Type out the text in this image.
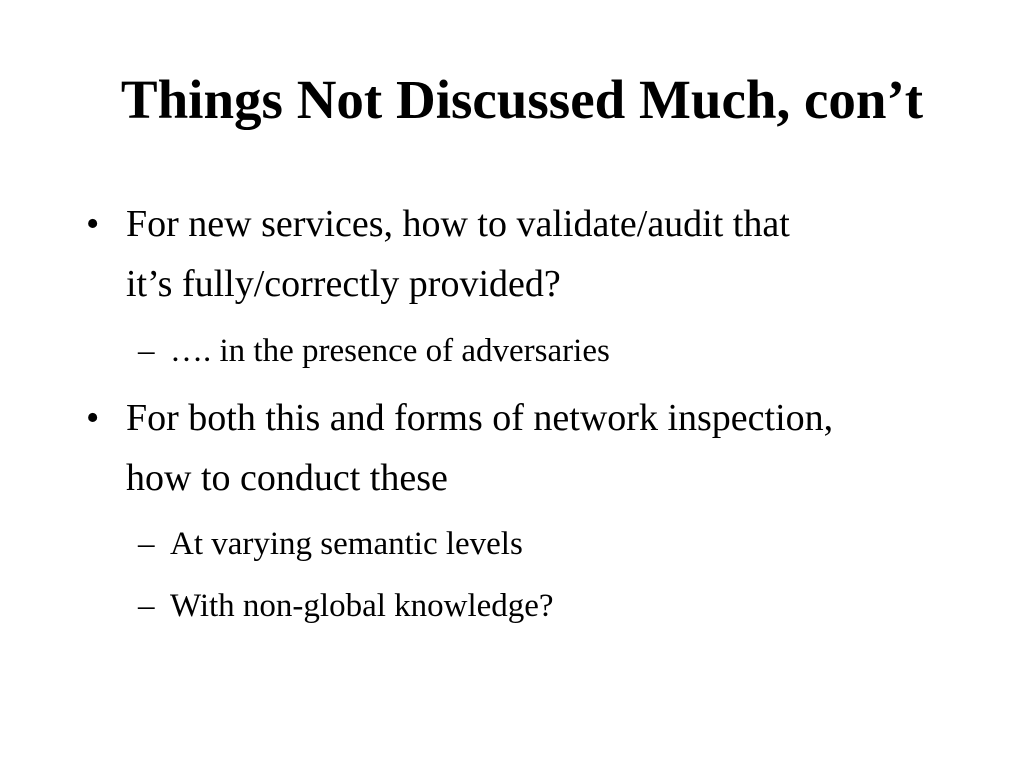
Things Not Discussed Much, con’t
• For new services, how to validate/audit that
it’s fully/correctly provided?
– …. in the presence of adversaries
• For both this and forms of network inspection,
how to conduct these
– At varying semantic levels
– With non-global knowledge?
